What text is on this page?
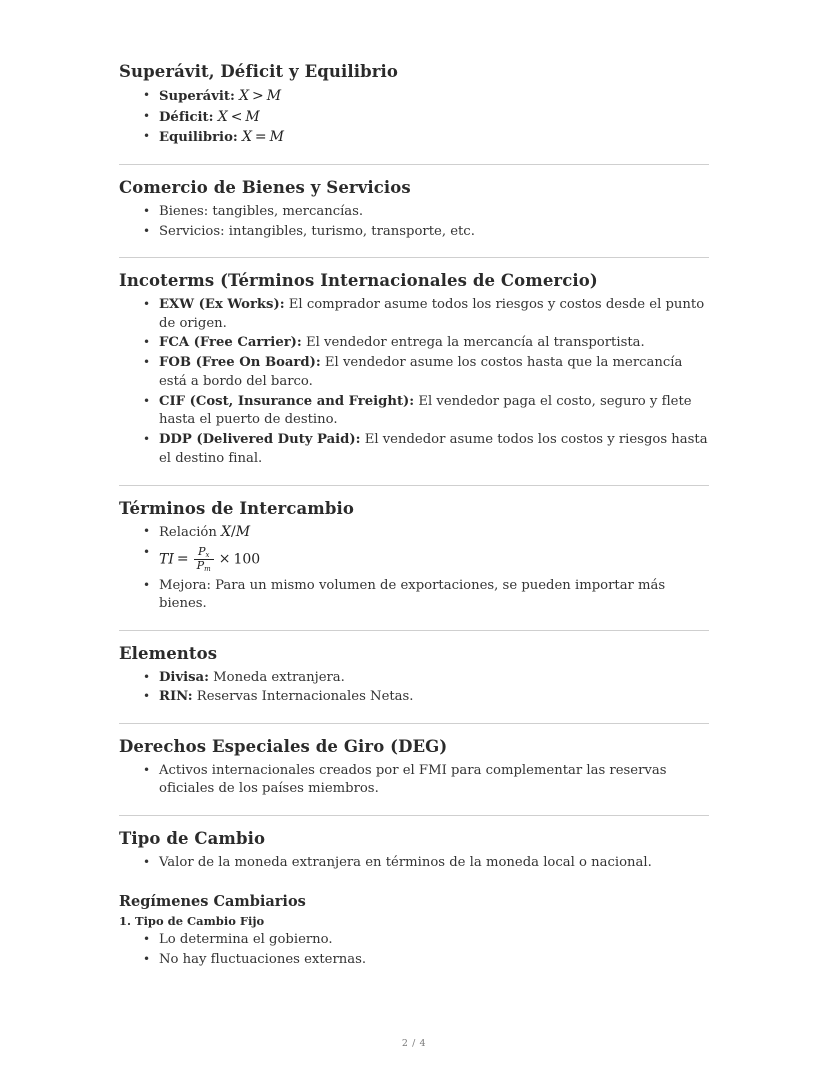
Superávit, Déficit y Equilibrio
• Superávit: X > M
• Déficit: X < M
• Equilibrio: X = M
Comercio de Bienes y Servicios
• Bienes: tangibles, mercancías.
• Servicios: intangibles, turismo, transporte, etc.
Incoterms (Términos Internacionales de Comercio)
• EXW (Ex Works): El comprador asume todos los riesgos y costos desde el punto de origen.
• FCA (Free Carrier): El vendedor entrega la mercancía al transportista.
• FOB (Free On Board): El vendedor asume los costos hasta que la mercancía está a bordo del barco.
• CIF (Cost, Insurance and Freight): El vendedor paga el costo, seguro y flete hasta el puerto de destino.
• DDP (Delivered Duty Paid): El vendedor asume todos los costos y riesgos hasta el destino final.
Términos de Intercambio
• Relación X/M
• TI = $\frac{P_x}{P_m} \times 100$
• Mejora: Para un mismo volumen de exportaciones, se pueden importar más bienes.
Elementos
• Divisa: Moneda extranjera.
• RIN: Reservas Internacionales Netas.
Derechos Especiales de Giro (DEG)
• Activos internacionales creados por el FMI para complementar las reservas oficiales de los países miembros.
Tipo de Cambio
• Valor de la moneda extranjera en términos de la moneda local o nacional.
Regímenes Cambiarios
1. Tipo de Cambio Fijo
• Lo determina el gobierno.
• No hay fluctuaciones externas.
2 / 4
